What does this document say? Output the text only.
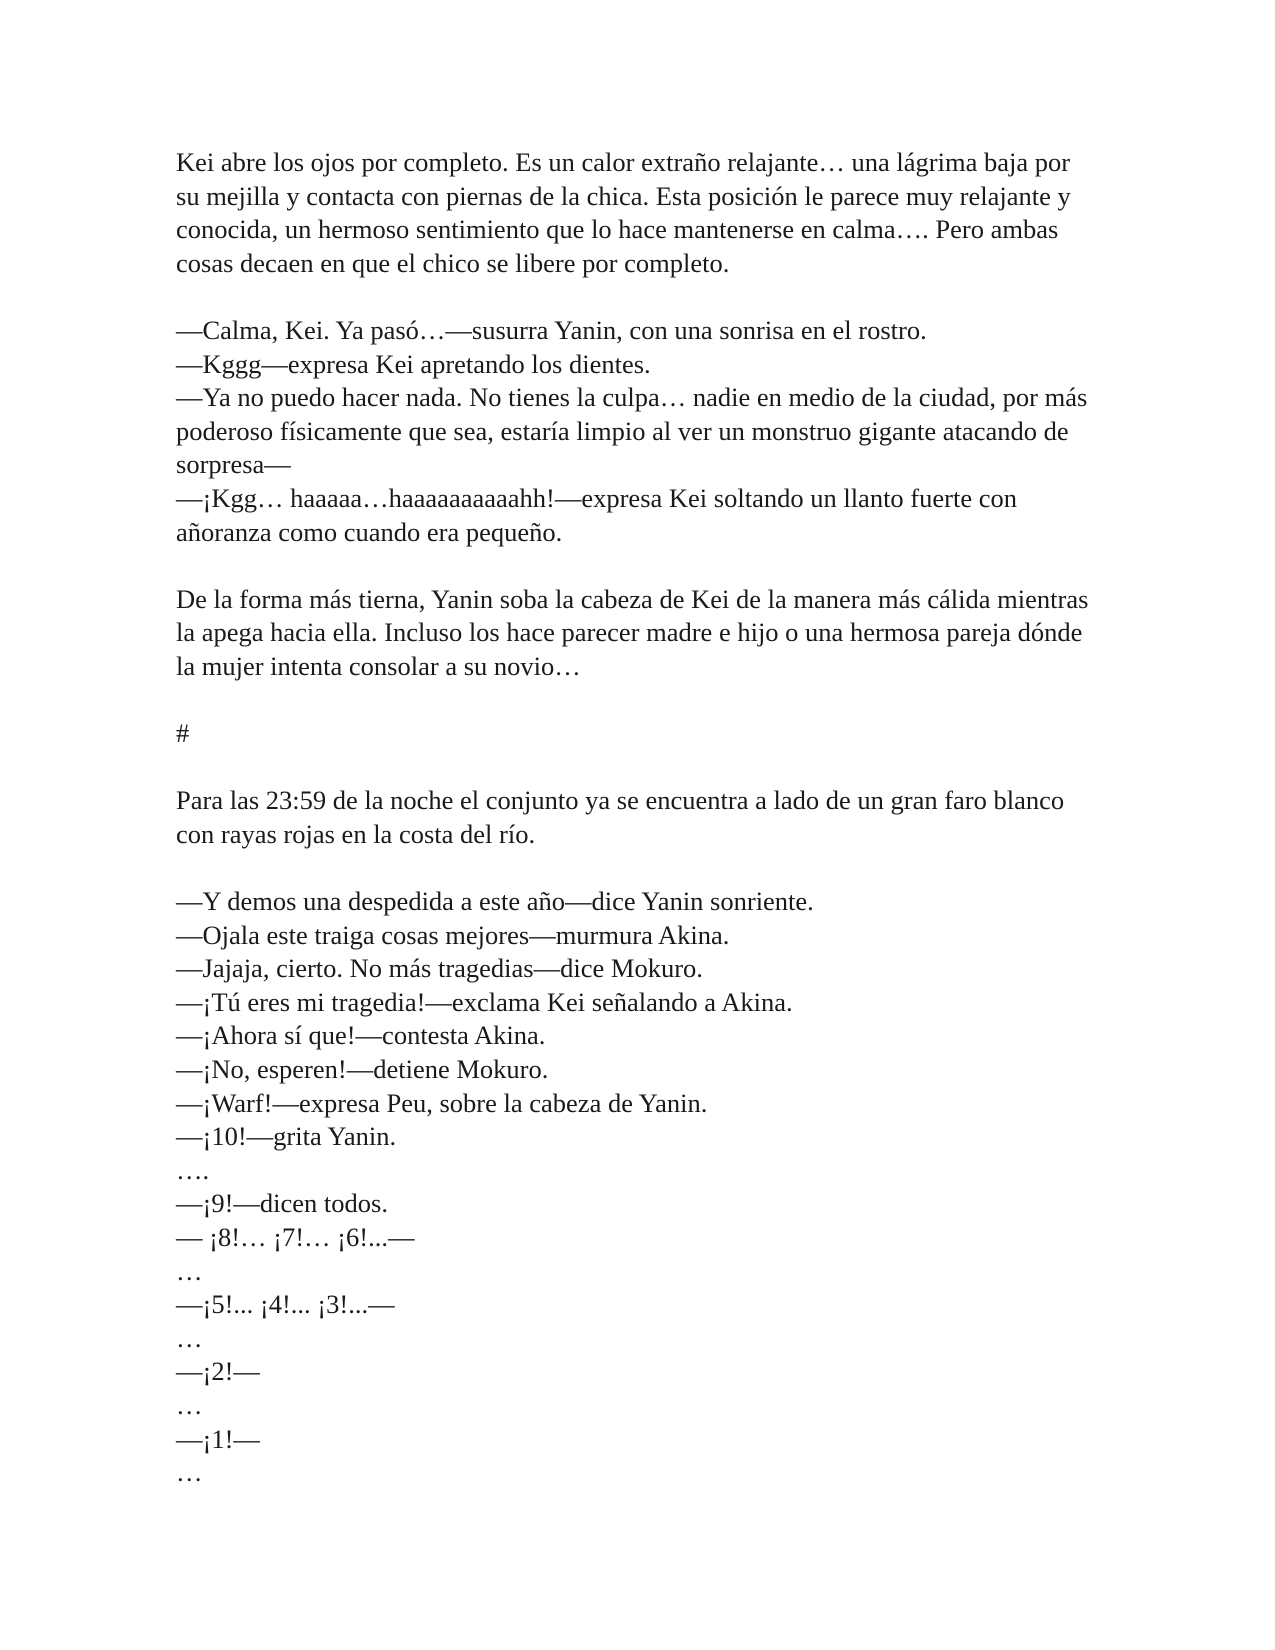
Kei abre los ojos por completo. Es un calor extraño relajante… una lágrima baja por su mejilla y contacta con piernas de la chica. Esta posición le parece muy relajante y conocida, un hermoso sentimiento que lo hace mantenerse en calma…. Pero ambas cosas decaen en que el chico se libere por completo.

—Calma, Kei. Ya pasó…—susurra Yanin, con una sonrisa en el rostro.

—Kggg—expresa Kei apretando los dientes.

—Ya no puedo hacer nada. No tienes la culpa… nadie en medio de la ciudad, por más poderoso físicamente que sea, estaría limpio al ver un monstruo gigante atacando de sorpresa—

—¡Kgg… haaaaa…haaaaaaaaaahh!—expresa Kei soltando un llanto fuerte con añoranza como cuando era pequeño.

De la forma más tierna, Yanin soba la cabeza de Kei de la manera más cálida mientras la apega hacia ella. Incluso los hace parecer madre e hijo o una hermosa pareja dónde la mujer intenta consolar a su novio…

#

Para las 23:59 de la noche el conjunto ya se encuentra a lado de un gran faro blanco con rayas rojas en la costa del río.

—Y demos una despedida a este año—dice Yanin sonriente.

—Ojala este traiga cosas mejores—murmura Akina.

—Jajaja, cierto. No más tragedias—dice Mokuro.

—¡Tú eres mi tragedia!—exclama Kei señalando a Akina.

—¡Ahora sí que!—contesta Akina.

—¡No, esperen!—detiene Mokuro.

—¡Warf!—expresa Peu, sobre la cabeza de Yanin.

—¡10!—grita Yanin.

….

—¡9!—dicen todos.

— ¡8!… ¡7!… ¡6!...—

…

—¡5!... ¡4!... ¡3!...—

…

—¡2!—

…

—¡1!—

…
